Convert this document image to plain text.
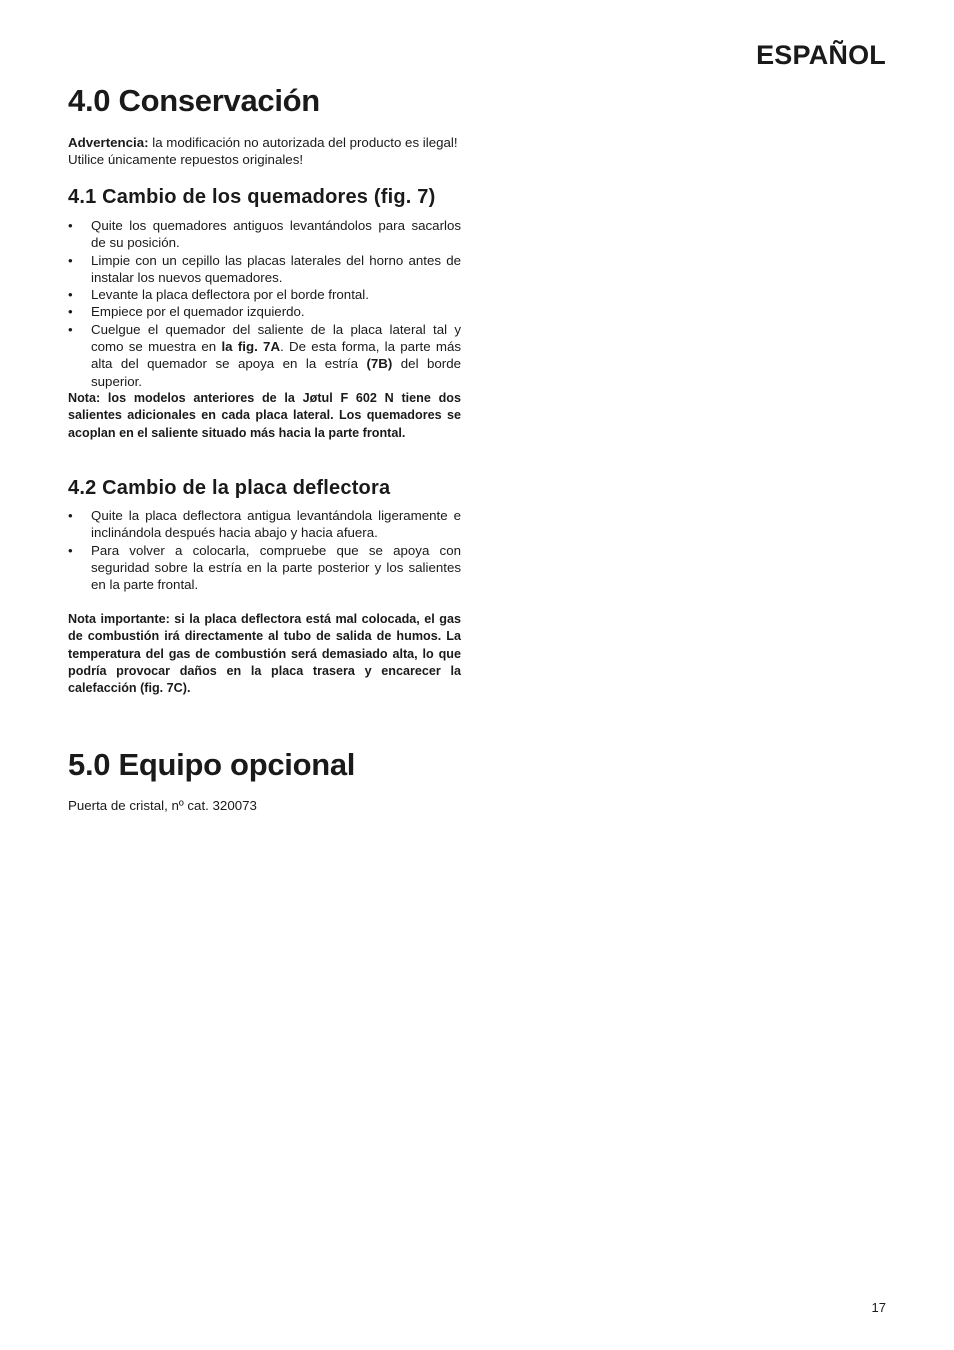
ESPAÑOL
4.0 Conservación

Advertencia: la modificación no autorizada del producto es ilegal! Utilice únicamente repuestos originales!

4.1 Cambio de los quemadores (fig. 7)
• Quite los quemadores antiguos levantándolos para sacarlos de su posición.
• Limpie con un cepillo las placas laterales del horno antes de instalar los nuevos quemadores.
• Levante la placa deflectora por el borde frontal.
• Empiece por el quemador izquierdo.
• Cuelgue el quemador del saliente de la placa lateral tal y como se muestra en la fig. 7A. De esta forma, la parte más alta del quemador se apoya en la estría (7B) del borde superior.

Nota: los modelos anteriores de la Jøtul F 602 N tiene dos salientes adicionales en cada placa lateral. Los quemadores se acoplan en el saliente situado más hacia la parte frontal.

4.2 Cambio de la placa deflectora
• Quite la placa deflectora antigua levantándola ligeramente e inclinándola después hacia abajo y hacia afuera.
• Para volver a colocarla, compruebe que se apoya con seguridad sobre la estría en la parte posterior y los salientes en la parte frontal.

Nota importante: si la placa deflectora está mal colocada, el gas de combustión irá directamente al tubo de salida de humos. La temperatura del gas de combustión será demasiado alta, lo que podría provocar daños en la placa trasera y encarecer la calefacción (fig. 7C).

5.0 Equipo opcional

Puerta de cristal, nº cat. 320073

17
